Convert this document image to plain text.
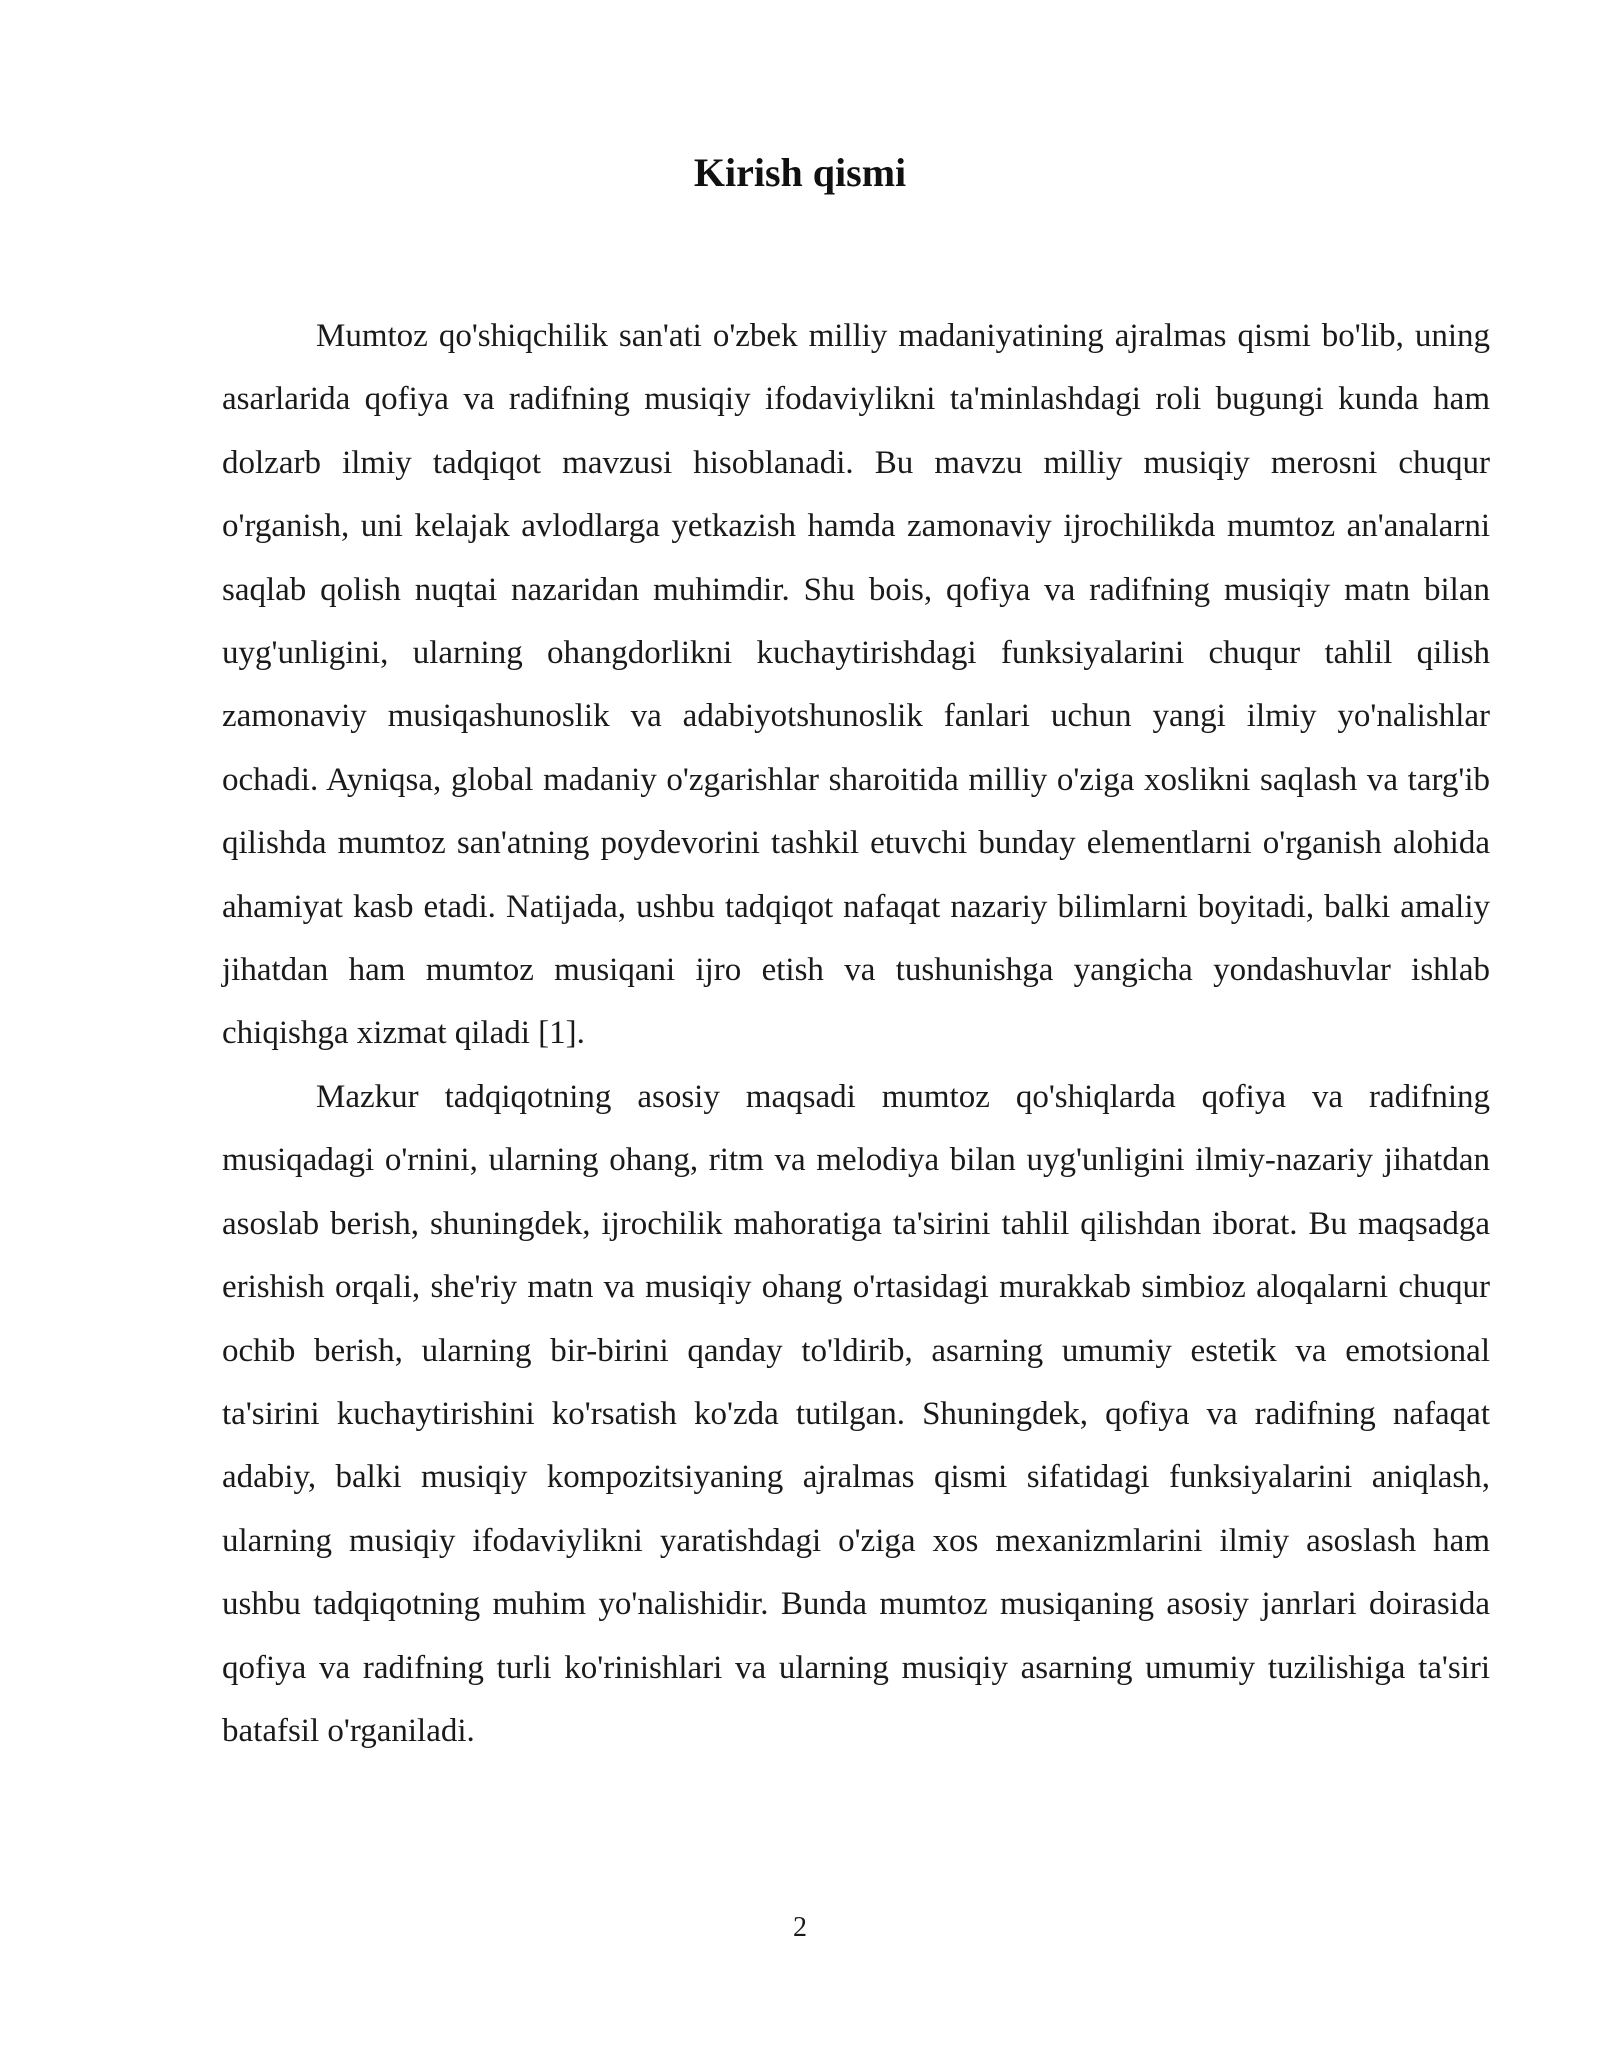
Kirish qismi

Mumtoz qo'shiqchilik san'ati o'zbek milliy madaniyatining ajralmas qismi bo'lib, uning asarlarida qofiya va radifning musiqiy ifodaviylikni ta'minlashdagi roli bugungi kunda ham dolzarb ilmiy tadqiqot mavzusi hisoblanadi. Bu mavzu milliy musiqiy merosni chuqur o'rganish, uni kelajak avlodlarga yetkazish hamda zamonaviy ijrochilikda mumtoz an'analarni saqlab qolish nuqtai nazaridan muhimdir. Shu bois, qofiya va radifning musiqiy matn bilan uyg'unligini, ularning ohangdorlikni kuchaytirishdagi funksiyalarini chuqur tahlil qilish zamonaviy musiqashunoslik va adabiyotshunoslik fanlari uchun yangi ilmiy yo'nalishlar ochadi. Ayniqsa, global madaniy o'zgarishlar sharoitida milliy o'ziga xoslikni saqlash va targ'ib qilishda mumtoz san'atning poydevorini tashkil etuvchi bunday elementlarni o'rganish alohida ahamiyat kasb etadi. Natijada, ushbu tadqiqot nafaqat nazariy bilimlarni boyitadi, balki amaliy jihatdan ham mumtoz musiqani ijro etish va tushunishga yangicha yondashuvlar ishlab chiqishga xizmat qiladi [1].

Mazkur tadqiqotning asosiy maqsadi mumtoz qo'shiqlarda qofiya va radifning musiqadagi o'rnini, ularning ohang, ritm va melodiya bilan uyg'unligini ilmiy-nazariy jihatdan asoslab berish, shuningdek, ijrochilik mahoratiga ta'sirini tahlil qilishdan iborat. Bu maqsadga erishish orqali, she'riy matn va musiqiy ohang o'rtasidagi murakkab simbioz aloqalarni chuqur ochib berish, ularning bir-birini qanday to'ldirib, asarning umumiy estetik va emotsional ta'sirini kuchaytirishini ko'rsatish ko'zda tutilgan. Shuningdek, qofiya va radifning nafaqat adabiy, balki musiqiy kompozitsiyaning ajralmas qismi sifatidagi funksiyalarini aniqlash, ularning musiqiy ifodaviylikni yaratishdagi o'ziga xos mexanizmlarini ilmiy asoslash ham ushbu tadqiqotning muhim yo'nalishidir. Bunda mumtoz musiqaning asosiy janrlari doirasida qofiya va radifning turli ko'rinishlari va ularning musiqiy asarning umumiy tuzilishiga ta'siri batafsil o'rganiladi.

2
